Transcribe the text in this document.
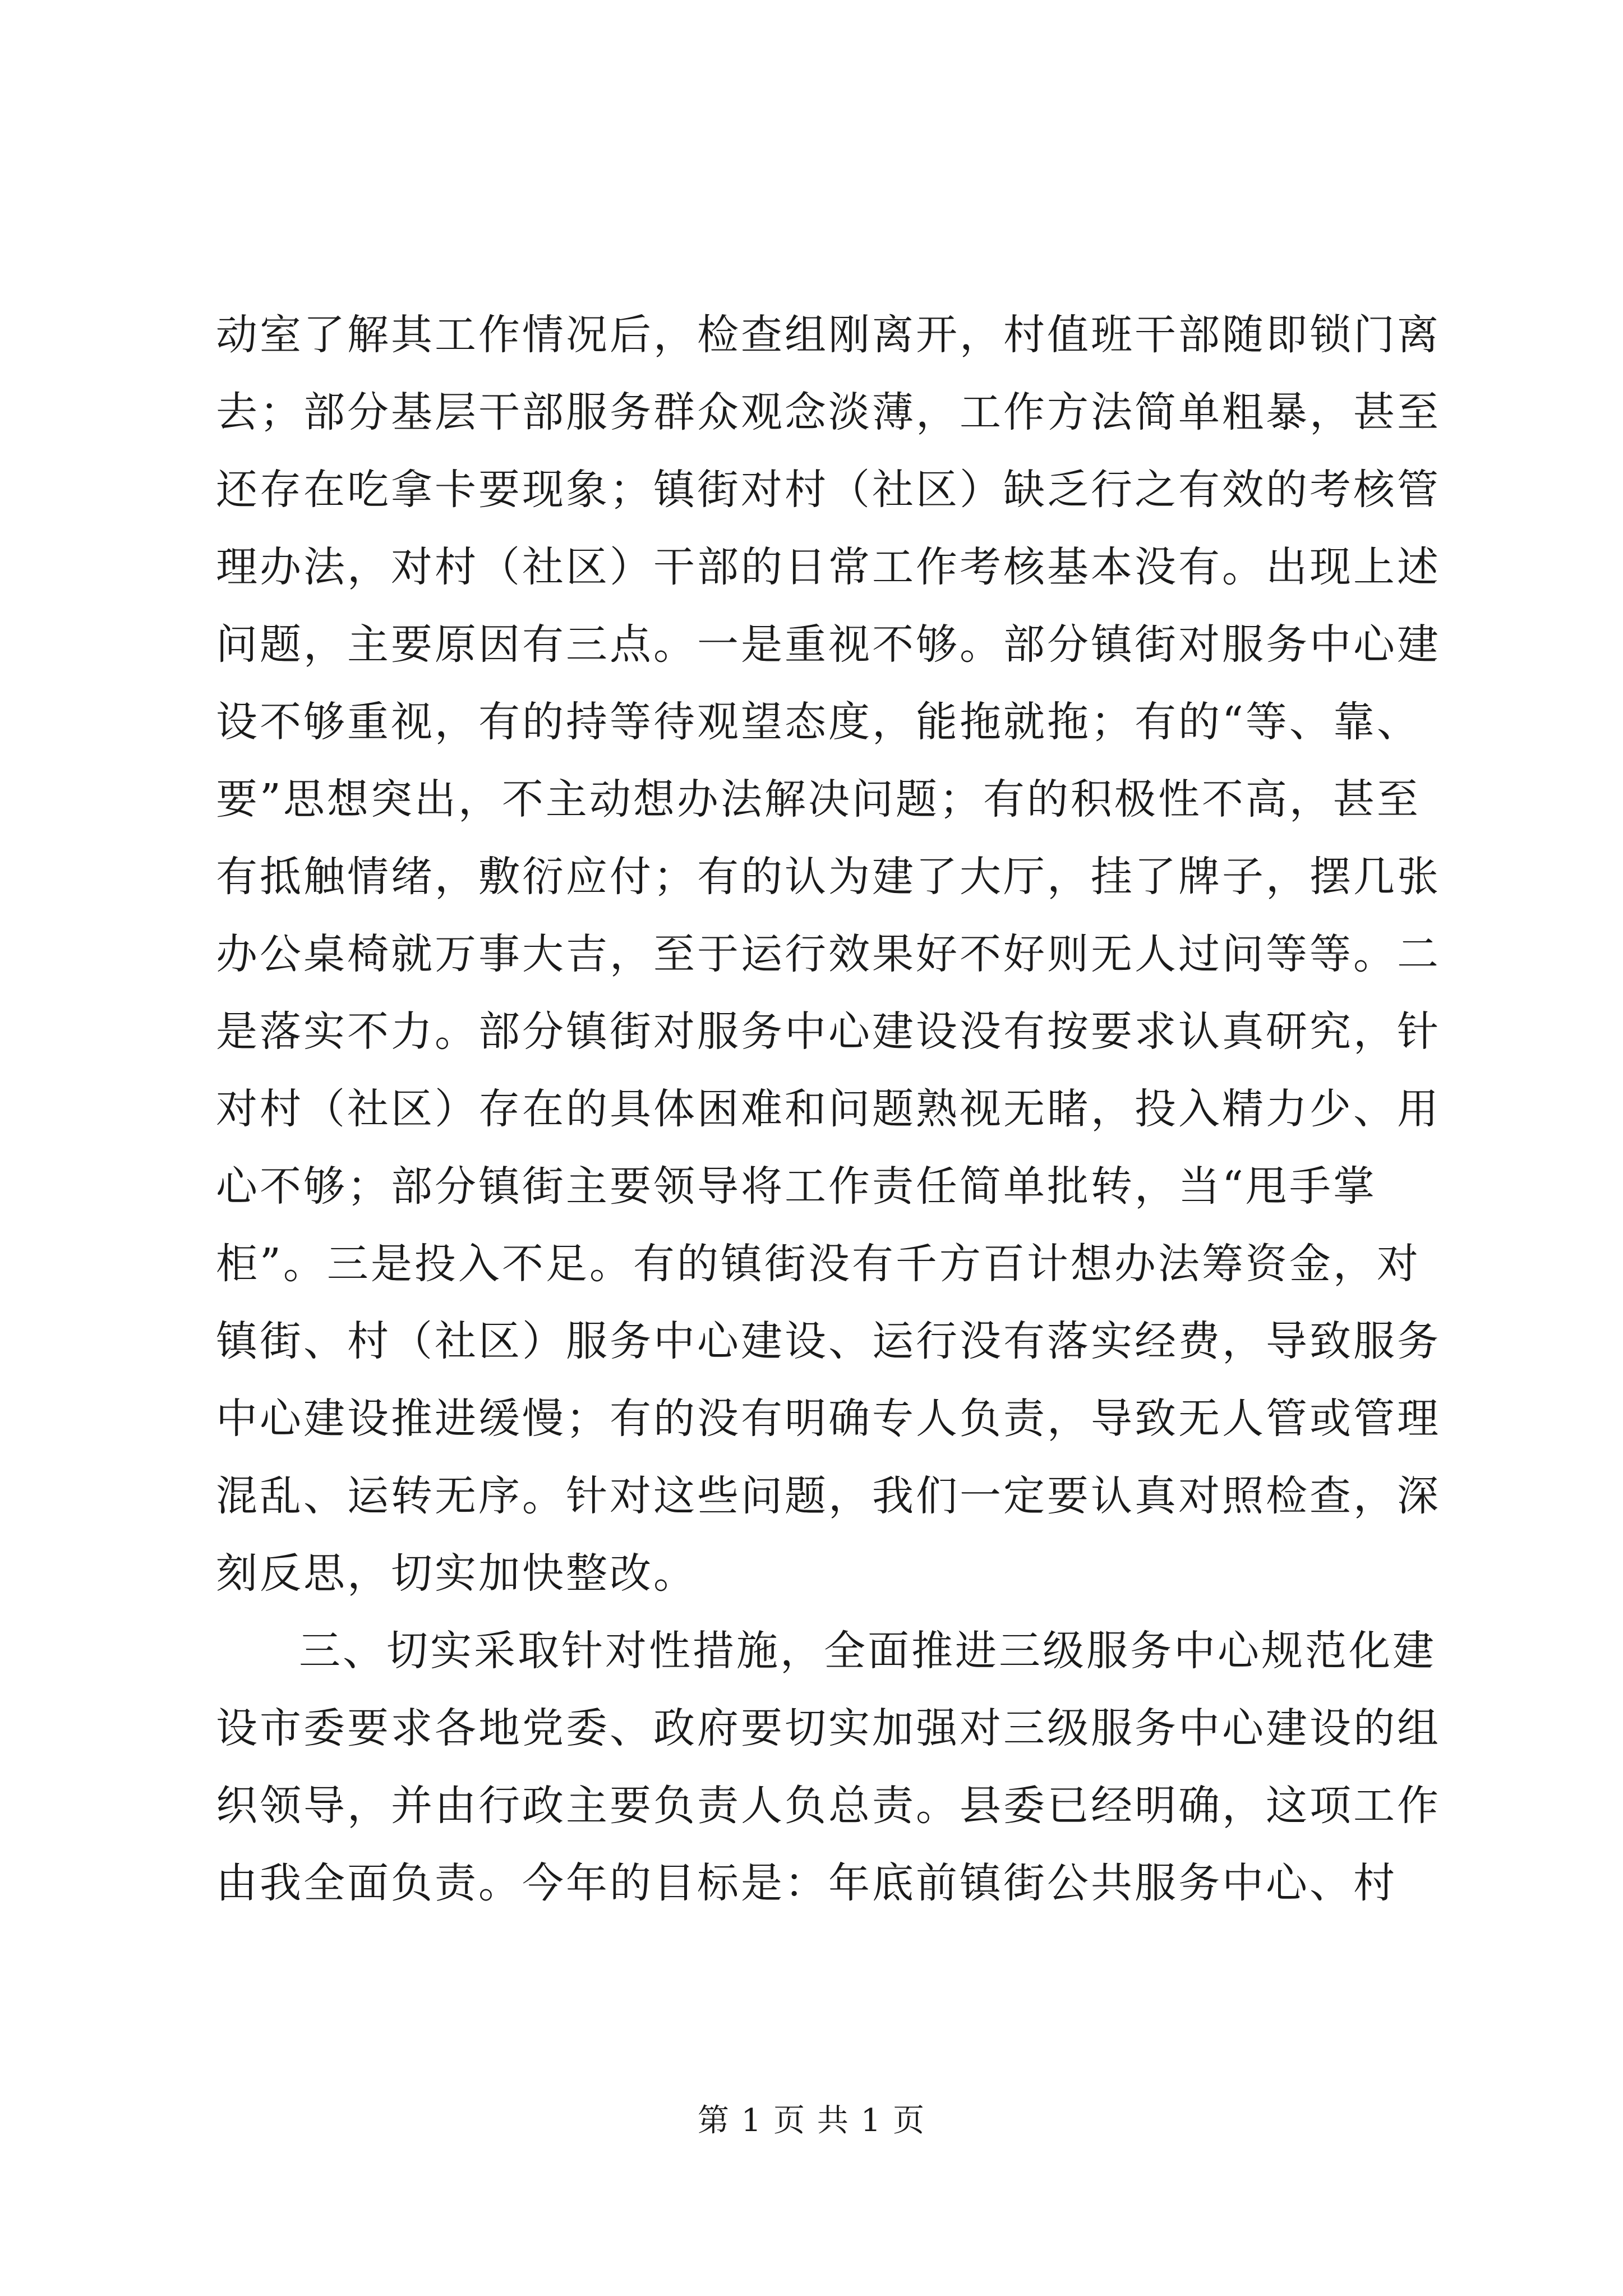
动室了解其工作情况后，检查组刚离开，村值班干部随即锁门离
去；部分基层干部服务群众观念淡薄，工作方法简单粗暴，甚至
还存在吃拿卡要现象；镇街对村（社区）缺乏行之有效的考核管
理办法，对村（社区）干部的日常工作考核基本没有。出现上述
问题，主要原因有三点。一是重视不够。部分镇街对服务中心建
设不够重视，有的持等待观望态度，能拖就拖；有的“等、靠、
要”思想突出，不主动想办法解决问题；有的积极性不高，甚至
有抵触情绪，敷衍应付；有的认为建了大厅，挂了牌子，摆几张
办公桌椅就万事大吉，至于运行效果好不好则无人过问等等。二
是落实不力。部分镇街对服务中心建设没有按要求认真研究，针
对村（社区）存在的具体困难和问题熟视无睹，投入精力少、用
心不够；部分镇街主要领导将工作责任简单批转，当“甩手掌
柜”。三是投入不足。有的镇街没有千方百计想办法筹资金，对
镇街、村（社区）服务中心建设、运行没有落实经费，导致服务
中心建设推进缓慢；有的没有明确专人负责，导致无人管或管理
混乱、运转无序。针对这些问题，我们一定要认真对照检查，深
刻反思，切实加快整改。
三、切实采取针对性措施，全面推进三级服务中心规范化建
设市委要求各地党委、政府要切实加强对三级服务中心建设的组
织领导，并由行政主要负责人负总责。县委已经明确，这项工作
由我全面负责。今年的目标是：年底前镇街公共服务中心、村
第 1 页 共 1 页
